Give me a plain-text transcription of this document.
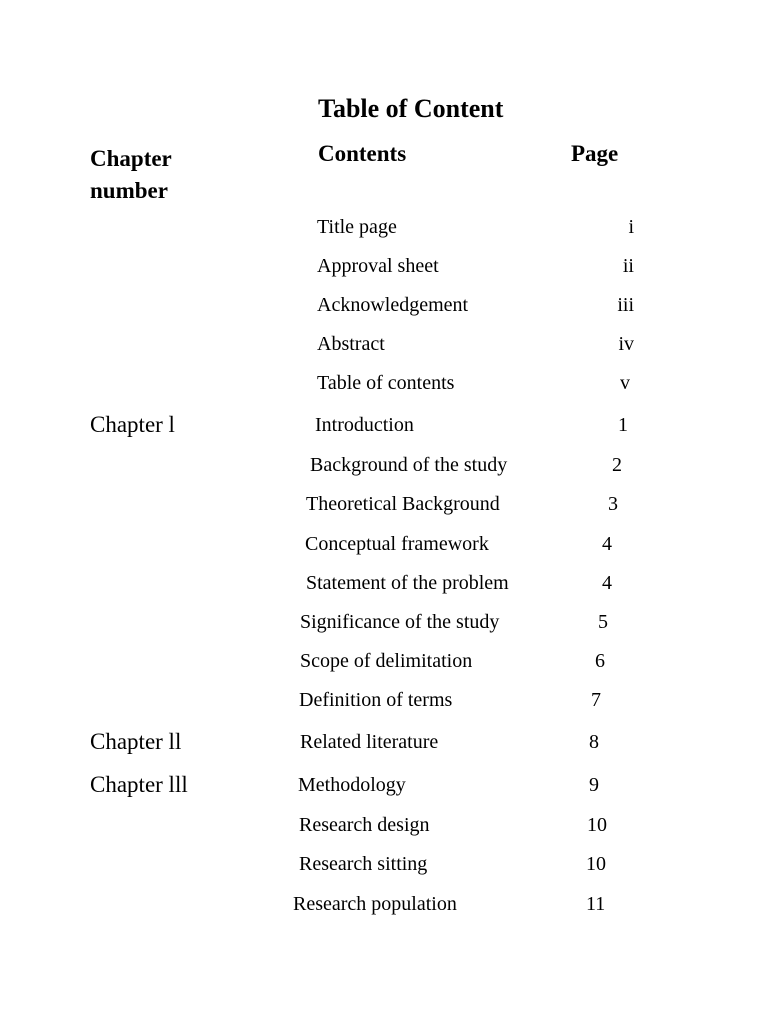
Table of Content
Chapter
number
Contents	Page
Title page	i
Approval sheet	ii
Acknowledgement	iii
Abstract	iv
Table of contents	v
Chapter l	Introduction	1
Background of the study	2
Theoretical Background	3
Conceptual framework	4
Statement of the problem	4
Significance of the study	5
Scope of delimitation	6
Definition of terms	7
Chapter ll	Related literature	8
Chapter lll	Methodology	9
Research design	10
Research sitting	10
Research population	11
